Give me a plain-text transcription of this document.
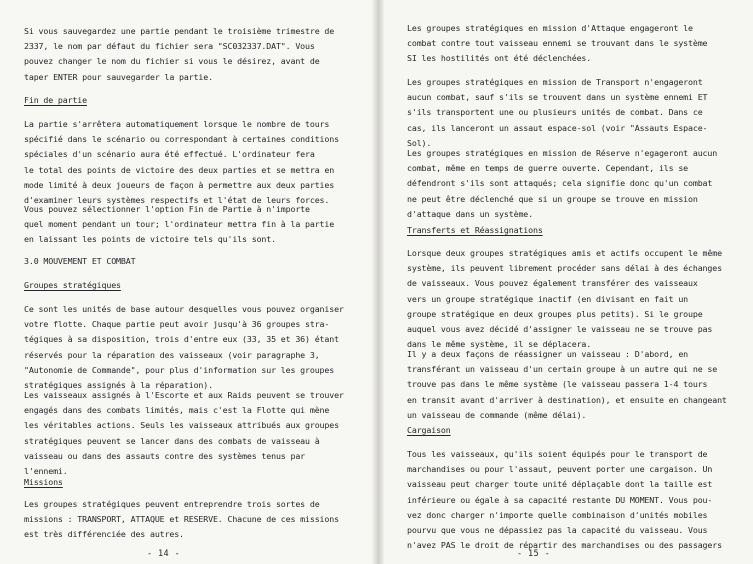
Si vous sauvegardez une partie pendant le troisième trimestre de

2337, le nom par défaut du fichier sera "SC032337.DAT". Vous

pouvez changer le nom du fichier si vous le désirez, avant de

taper ENTER pour sauvegarder la partie.

Fin de partie

La partie s'arrêtera automatiquement lorsque le nombre de tours

spécifié dans le scénario ou correspondant à certaines conditions

spéciales d'un scénario aura été effectué. L'ordinateur fera

le total des points de victoire des deux parties et se mettra en

mode limité à deux joueurs de façon à permettre aux deux parties

d'examiner leurs systèmes respectifs et l'état de leurs forces.

Vous pouvez sélectionner l'option Fin de Partie à n'importe

quel moment pendant un tour; l'ordinateur mettra fin à la partie

en laissant les points de victoire tels qu'ils sont.

3.0 MOUVEMENT ET COMBAT

Groupes stratégiques

Ce sont les unités de base autour desquelles vous pouvez organiser

votre flotte. Chaque partie peut avoir jusqu'à 36 groupes stra-

tégiques à sa disposition, trois d'entre eux (33, 35 et 36) étant

réservés pour la réparation des vaisseaux (voir paragraphe 3,

"Autonomie de Commande", pour plus d'information sur les groupes

stratégiques assignés à la réparation).

Les vaisseaux assignés à l'Escorte et aux Raids peuvent se trouver

engagés dans des combats limités, mais c'est la Flotte qui mène

les véritables actions. Seuls les vaisseaux attribués aux groupes

stratégiques peuvent se lancer dans des combats de vaisseau à

vaisseau ou dans des assauts contre des systèmes tenus par

l'ennemi.

Missions

Les groupes stratégiques peuvent entreprendre trois sortes de

missions : TRANSPORT, ATTAQUE et RESERVE. Chacune de ces missions

est très différenciée des autres.

- 14 -

Les groupes stratégiques en mission d'Attaque engageront le

combat contre tout vaisseau ennemi se trouvant dans le système

SI les hostilités ont été déclenchées.

Les groupes stratégiques en mission de Transport n'engageront

aucun combat, sauf s'ils se trouvent dans un système ennemi ET

s'ils transportent une ou plusieurs unités de combat. Dans ce

cas, ils lanceront un assaut espace-sol (voir "Assauts Espace-

Sol).

Les groupes stratégiques en mission de Réserve n'egageront aucun

combat, même en temps de guerre ouverte. Cependant, ils se

défendront s'ils sont attaqués; cela signifie donc qu'un combat

ne peut être déclenché que si un groupe se trouve en mission

d'attaque dans un système.

Transferts et Réassignations

Lorsque deux groupes stratégiques amis et actifs occupent le même

système, ils peuvent librement procéder sans délai à des échanges

de vaisseaux. Vous pouvez également transférer des vaisseaux

vers un groupe stratégique inactif (en divisant en fait un

groupe stratégique en deux groupes plus petits). Si le groupe

auquel vous avez décidé d'assigner le vaisseau ne se trouve pas

dans le même système, il se déplacera.

Il y a deux façons de réassigner un vaisseau : D'abord, en

transférant un vaisseau d'un certain groupe à un autre qui ne se

trouve pas dans le même système (le vaisseau passera 1-4 tours

en transit avant d'arriver à destination), et ensuite en changeant

un vaisseau de commande (même délai).

Cargaison

Tous les vaisseaux, qu'ils soient équipés pour le transport de

marchandises ou pour l'assaut, peuvent porter une cargaison. Un

vaisseau peut charger toute unité déplaçable dont la taille est

inférieure ou égale à sa capacité restante DU MOMENT. Vous pou-

vez donc charger n'importe quelle combinaison d'unités mobiles

pourvu que vous ne dépassiez pas la capacité du vaisseau. Vous

n'avez PAS le droit de répartir des marchandises ou des passagers

- 15 -
